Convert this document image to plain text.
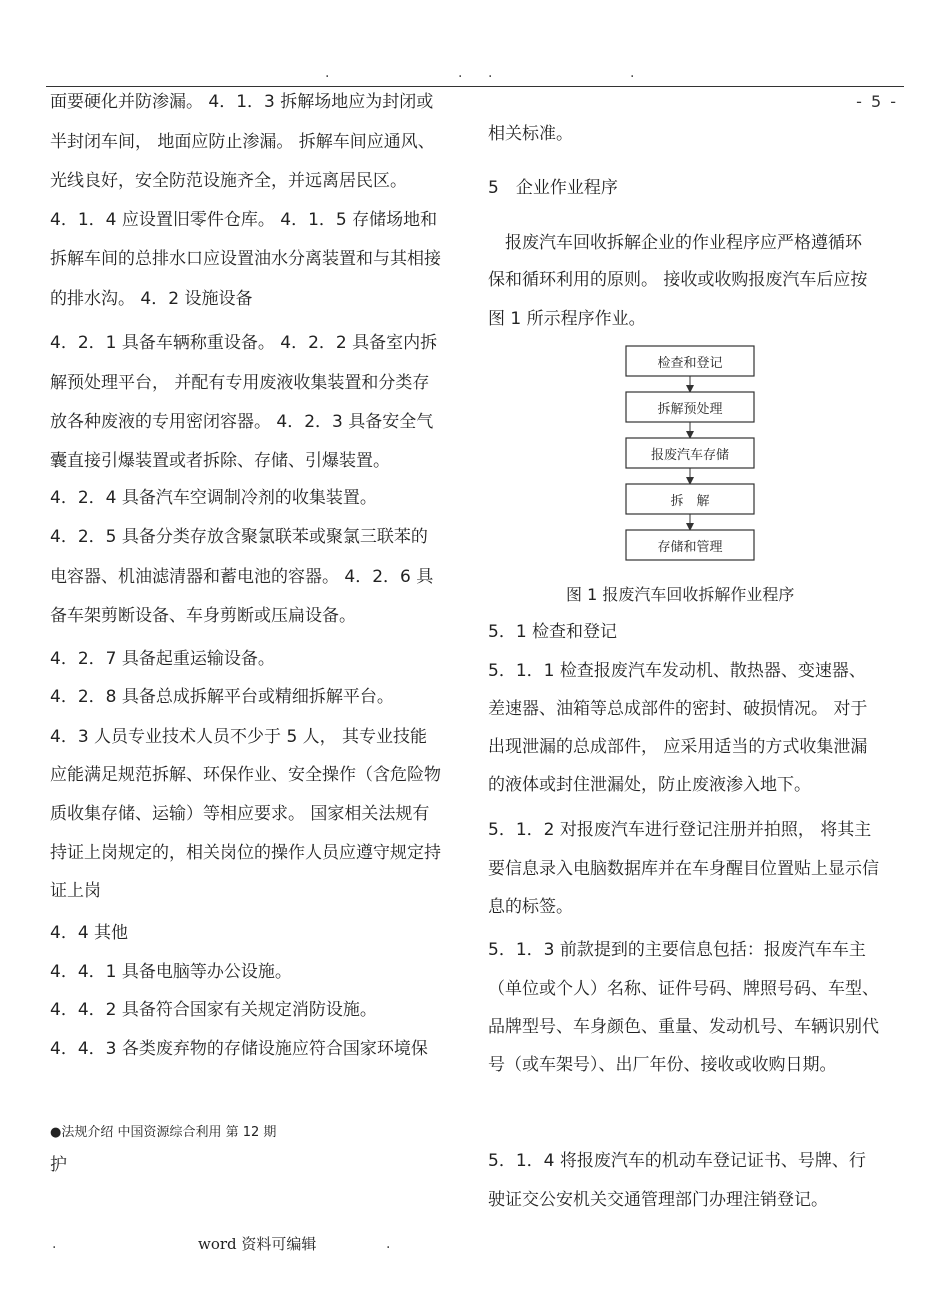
.	. .	.
- 5 -

面要硬化并防渗漏。 4．1．3 拆解场地应为封闭或

半封闭车间， 地面应防止渗漏。 拆解车间应通风、

光线良好，安全防范设施齐全，并远离居民区。

4．1．4 应设置旧零件仓库。 4．1．5 存储场地和

拆解车间的总排水口应设置油水分离装置和与其相接

的排水沟。 4．2 设施设备

4．2．1 具备车辆称重设备。 4．2．2 具备室内拆

解预处理平台， 并配有专用废液收集装置和分类存

放各种废液的专用密闭容器。 4．2．3 具备安全气

囊直接引爆装置或者拆除、存储、引爆装置。

4．2．4 具备汽车空调制冷剂的收集装置。

4．2．5 具备分类存放含聚氯联苯或聚氯三联苯的

电容器、机油滤清器和蓄电池的容器。 4．2．6 具

备车架剪断设备、车身剪断或压扁设备。

4．2．7 具备起重运输设备。

4．2．8 具备总成拆解平台或精细拆解平台。

4．3 人员专业技术人员不少于 5 人， 其专业技能

应能满足规范拆解、环保作业、安全操作（含危险物

质收集存储、运输）等相应要求。 国家相关法规有

持证上岗规定的，相关岗位的操作人员应遵守规定持

证上岗

4．4 其他

4．4．1 具备电脑等办公设施。

4．4．2 具备符合国家有关规定消防设施。

4．4．3 各类废弃物的存储设施应符合国家环境保

●法规介绍 中国资源综合利用 第 12 期
护

相关标准。

5　企业作业程序

　报废汽车回收拆解企业的作业程序应严格遵循环

保和循环利用的原则。 接收或收购报废汽车后应按

图 1 所示程序作业。

5．1 检查和登记

5．1．1 检查报废汽车发动机、散热器、变速器、

差速器、油箱等总成部件的密封、破损情况。 对于

出现泄漏的总成部件， 应采用适当的方式收集泄漏

的液体或封住泄漏处，防止废液渗入地下。

5．1．2 对报废汽车进行登记注册并拍照， 将其主

要信息录入电脑数据库并在车身醒目位置贴上显示信

息的标签。

5．1．3 前款提到的主要信息包括：报废汽车车主

（单位或个人）名称、证件号码、牌照号码、车型、

品牌型号、车身颜色、重量、发动机号、车辆识别代

号（或车架号）、出厂年份、接收或收购日期。

5．1．4 将报废汽车的机动车登记证书、号牌、行

驶证交公安机关交通管理部门办理注销登记。

检查和登记
拆解预处理
报废汽车存储
拆　解
存储和管理
图 1 报废汽车回收拆解作业程序
.	word 资料可编辑	.
